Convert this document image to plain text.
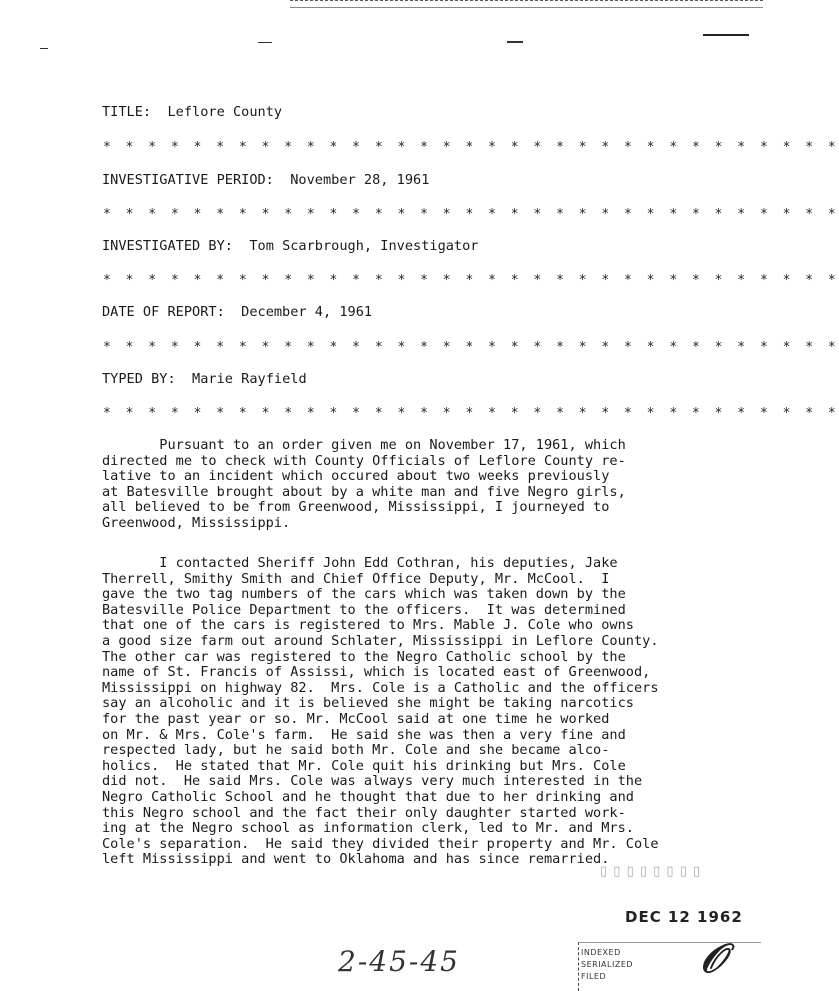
TITLE: Leflore County
* * * * * * * * * * * * * * * * * * * * * * * * * * * * * * * * *
INVESTIGATIVE PERIOD: November 28, 1961
* * * * * * * * * * * * * * * * * * * * * * * * * * * * * * * * *
INVESTIGATED BY: Tom Scarbrough, Investigator
* * * * * * * * * * * * * * * * * * * * * * * * * * * * * * * * *
DATE OF REPORT: December 4, 1961
* * * * * * * * * * * * * * * * * * * * * * * * * * * * * * * * *
TYPED BY: Marie Rayfield
* * * * * * * * * * * * * * * * * * * * * * * * * * * * * * * * *
Pursuant to an order given me on November 17, 1961, which
directed me to check with County Officials of Leflore County re-
lative to an incident which occured about two weeks previously
at Batesville brought about by a white man and five Negro girls,
all believed to be from Greenwood, Mississippi, I journeyed to
Greenwood, Mississippi.
I contacted Sheriff John Edd Cothran, his deputies, Jake
Therrell, Smithy Smith and Chief Office Deputy, Mr. McCool.  I
gave the two tag numbers of the cars which was taken down by the
Batesville Police Department to the officers.  It was determined
that one of the cars is registered to Mrs. Mable J. Cole who owns
a good size farm out around Schlater, Mississippi in Leflore County.
The other car was registered to the Negro Catholic school by the
name of St. Francis of Assissi, which is located east of Greenwood,
Mississippi on highway 82.  Mrs. Cole is a Catholic and the officers
say an alcoholic and it is believed she might be taking narcotics
for the past year or so. Mr. McCool said at one time he worked
on Mr. & Mrs. Cole's farm.  He said she was then a very fine and
respected lady, but he said both Mr. Cole and she became alco-
holics.  He stated that Mr. Cole quit his drinking but Mrs. Cole
did not.  He said Mrs. Cole was always very much interested in the
Negro Catholic School and he thought that due to her drinking and
this Negro school and the fact their only daughter started work-
ing at the Negro school as information clerk, led to Mr. and Mrs.
Cole's separation.  He said they divided their property and Mr. Cole
left Mississippi and went to Oklahoma and has since remarried.
▯ ▯ ▯ ▯ ▯ ▯ ▯ ▯
DEC 12 1962
INDEXED
SERIALIZED
FILED 𝒪
2-45-45
